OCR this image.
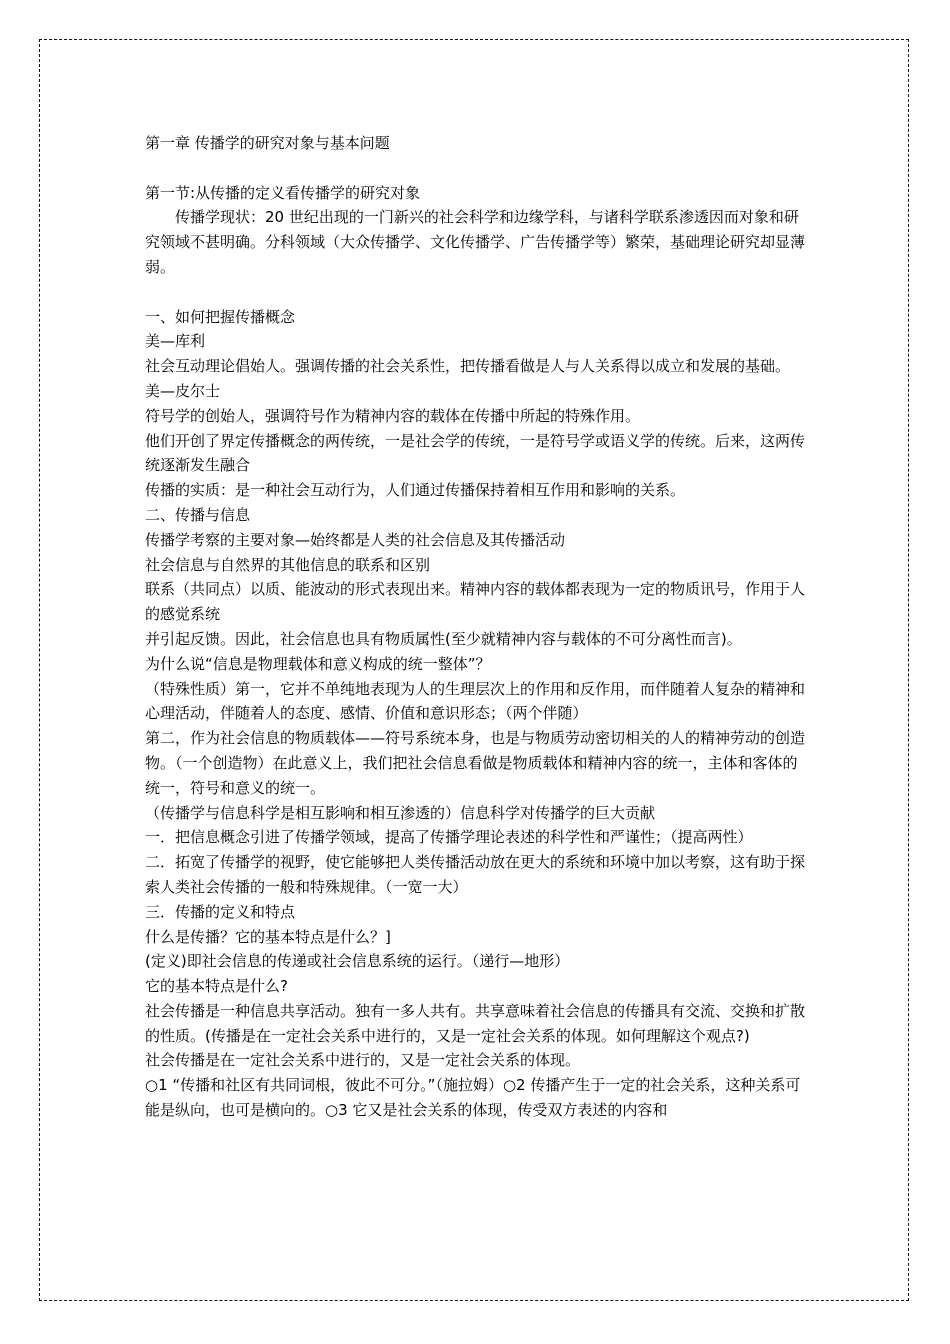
第一章 传播学的研究对象与基本问题

第一节:从传播的定义看传播学的研究对象

传播学现状：20 世纪出现的一门新兴的社会科学和边缘学科，与诸科学联系渗透因而对象和研究领域不甚明确。分科领域（大众传播学、文化传播学、广告传播学等）繁荣，基础理论研究却显薄弱。

一、如何把握传播概念

美—库利

社会互动理论倡始人。强调传播的社会关系性，把传播看做是人与人关系得以成立和发展的基础。

美—皮尔士

符号学的创始人，强调符号作为精神内容的载体在传播中所起的特殊作用。

他们开创了界定传播概念的两传统，一是社会学的传统，一是符号学或语义学的传统。后来，这两传统逐渐发生融合

传播的实质：是一种社会互动行为，人们通过传播保持着相互作用和影响的关系。

二、传播与信息

传播学考察的主要对象—始终都是人类的社会信息及其传播活动

社会信息与自然界的其他信息的联系和区别

联系（共同点）以质、能波动的形式表现出来。精神内容的载体都表现为一定的物质讯号，作用于人的感觉系统

并引起反馈。因此，社会信息也具有物质属性(至少就精神内容与载体的不可分离性而言)。

为什么说“信息是物理载体和意义构成的统一整体”？

（特殊性质）第一，它并不单纯地表现为人的生理层次上的作用和反作用，而伴随着人复杂的精神和心理活动，伴随着人的态度、感情、价值和意识形态；（两个伴随）

第二，作为社会信息的物质载体——符号系统本身，也是与物质劳动密切相关的人的精神劳动的创造物。（一个创造物）在此意义上，我们把社会信息看做是物质载体和精神内容的统一，主体和客体的统一，符号和意义的统一。

（传播学与信息科学是相互影响和相互渗透的）信息科学对传播学的巨大贡献

一．把信息概念引进了传播学领域，提高了传播学理论表述的科学性和严谨性；（提高两性）

二．拓宽了传播学的视野，使它能够把人类传播活动放在更大的系统和环境中加以考察，这有助于探索人类社会传播的一般和特殊规律。（一宽一大）

三．传播的定义和特点

什么是传播？它的基本特点是什么？]

(定义)即社会信息的传递或社会信息系统的运行。（递行—地形）

它的基本特点是什么?

社会传播是一种信息共享活动。独有一多人共有。共享意味着社会信息的传播具有交流、交换和扩散的性质。(传播是在一定社会关系中进行的，又是一定社会关系的体现。如何理解这个观点?)

社会传播是在一定社会关系中进行的，又是一定社会关系的体现。

○1 “传播和社区有共同词根，彼此不可分。”（施拉姆）○2 传播产生于一定的社会关系，这种关系可能是纵向，也可是横向的。○3 它又是社会关系的体现，传受双方表述的内容和
